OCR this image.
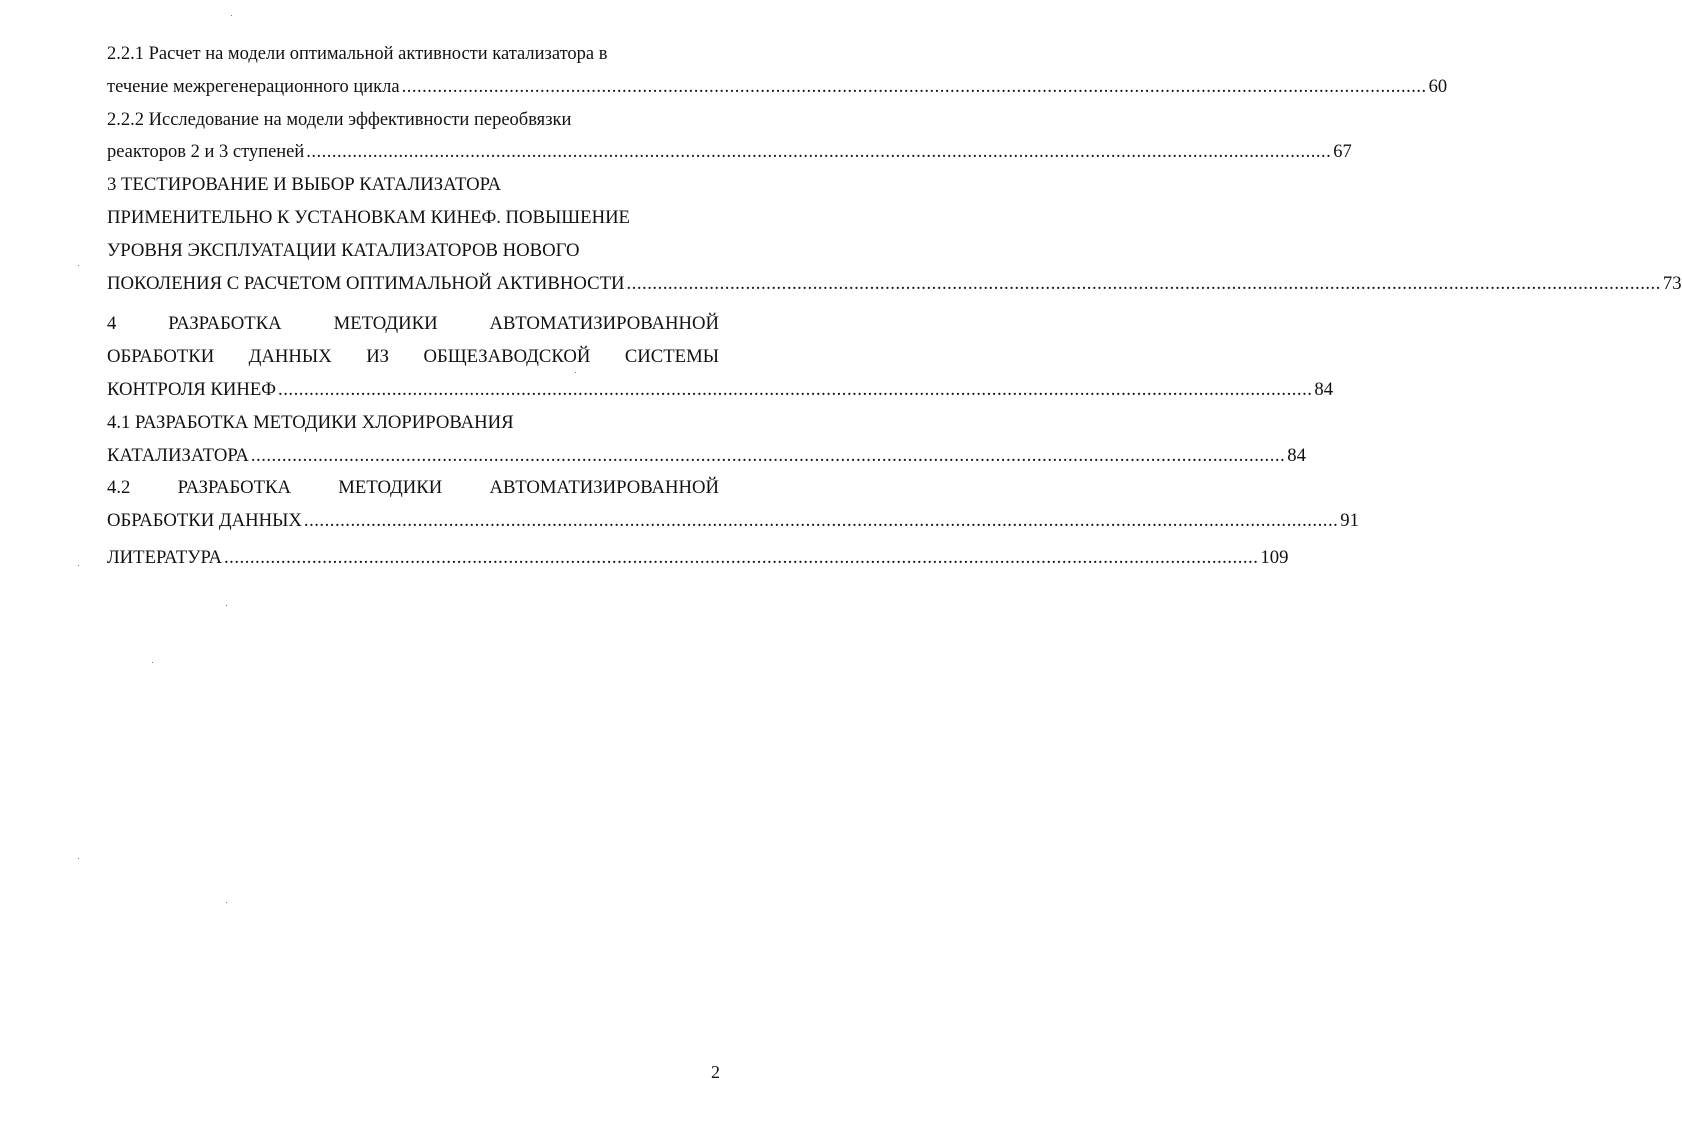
2.2.1 Расчет на модели оптимальной активности катализатора в
течение межрегенерационного цикла ........................................................................................................................................................................................................ 60
2.2.2 Исследование на модели эффективности переобвязки
реакторов 2 и 3 ступеней ........................................................................................................................................................................................................ 67
3 ТЕСТИРОВАНИЕ И ВЫБОР КАТАЛИЗАТОРА
ПРИМЕНИТЕЛЬНО К УСТАНОВКАМ КИНЕФ. ПОВЫШЕНИЕ
УРОВНЯ ЭКСПЛУАТАЦИИ КАТАЛИЗАТОРОВ НОВОГО
ПОКОЛЕНИЯ С РАСЧЕТОМ ОПТИМАЛЬНОЙ АКТИВНОСТИ ........................................................................................................................................................................................................ 73
4 РАЗРАБОТКА МЕТОДИКИ АВТОМАТИЗИРОВАННОЙ
ОБРАБОТКИ ДАННЫХ ИЗ ОБЩЕЗАВОДСКОЙ СИСТЕМЫ
КОНТРОЛЯ КИНЕФ ........................................................................................................................................................................................................ 84
4.1 РАЗРАБОТКА МЕТОДИКИ ХЛОРИРОВАНИЯ
КАТАЛИЗАТОРА ........................................................................................................................................................................................................ 84
4.2 РАЗРАБОТКА МЕТОДИКИ АВТОМАТИЗИРОВАННОЙ
ОБРАБОТКИ ДАННЫХ ........................................................................................................................................................................................................ 91
ЛИТЕРАТУРА ........................................................................................................................................................................................................ 109
2
